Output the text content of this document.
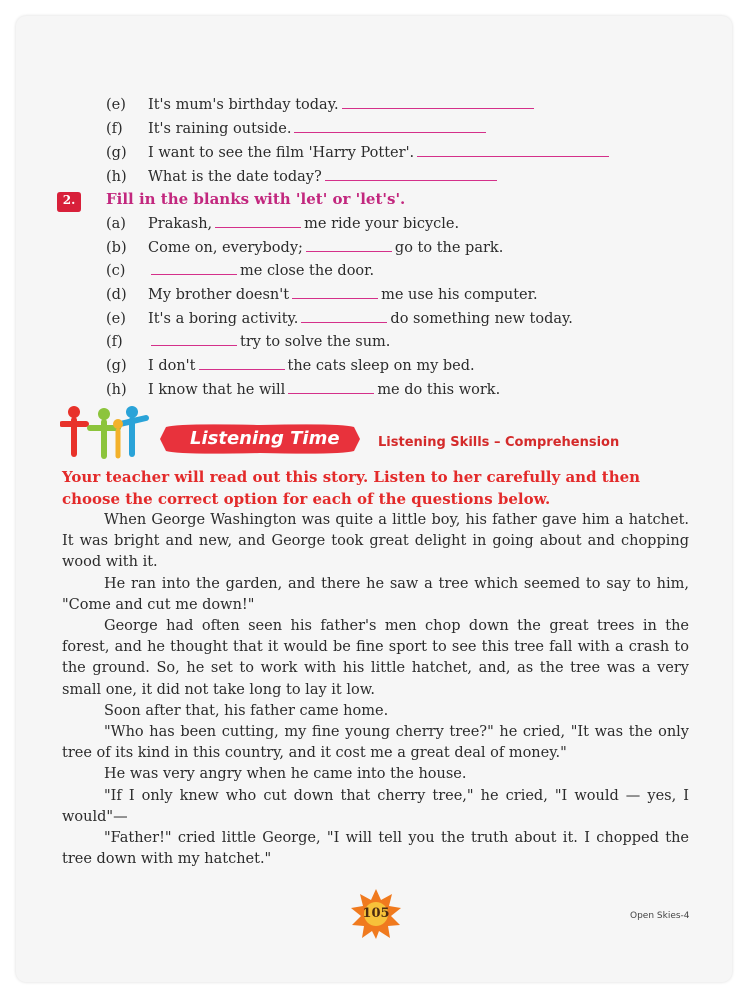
(e) It's mum's birthday today.
(f) It's raining outside.
(g) I want to see the film 'Harry Potter'.
(h) What is the date today?
2.	Fill in the blanks with 'let' or 'let's'.
(a) Prakash,	me ride your bicycle.
(b) Come on, everybody;	go to the park.
(c)	me close the door.
(d) My brother doesn't	me use his computer.
(e) It's a boring activity.	do something new today.
(f)	try to solve the sum.
(g) I don't	the cats sleep on my bed.
(h) I know that he will	me do this work.
Listening Time	Listening Skills – Comprehension
Your teacher will read out this story. Listen to her carefully and then choose the correct option for each of the questions below.

When George Washington was quite a little boy, his father gave him a hatchet. It was bright and new, and George took great delight in going about and chopping wood with it.

He ran into the garden, and there he saw a tree which seemed to say to him, "Come and cut me down!"

George had often seen his father's men chop down the great trees in the forest, and he thought that it would be fine sport to see this tree fall with a crash to the ground. So, he set to work with his little hatchet, and, as the tree was a very small one, it did not take long to lay it low.

Soon after that, his father came home.

"Who has been cutting, my fine young cherry tree?" he cried, "It was the only tree of its kind in this country, and it cost me a great deal of money."

He was very angry when he came into the house.

"If I only knew who cut down that cherry tree," he cried, "I would — yes, I would"—

"Father!" cried little George, "I will tell you the truth about it. I chopped the tree down with my hatchet."

105	Open Skies-4
